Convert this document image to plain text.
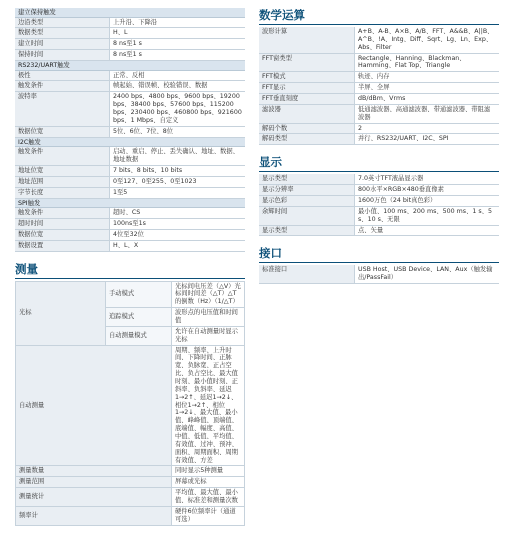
建立保持触发
边沿类型	上升沿、下降沿
数据类型	H、L
建立时间	8 ns至1 s
保持时间	8 ns至1 s
RS232/UART触发
极性	正常、反相
触发条件	帧起始、错误帧、校验错误、数据
波特率	2400 bps、4800 bps、9600 bps、19200 bps、38400 bps、57600 bps、115200 bps、230400 bps、460800 bps、921600 bps、1 Mbps、自定义
数据位宽	5位、6位、7位、8位
I2C触发
触发条件	启动、重启、停止、丢失确认、地址、数据、地址数据
地址位宽	7 bits、8 bits、10 bits
地址范围	0至127、0至255、0至1023
字节长度	1至5
SPI触发
触发条件	超时、CS
超时时间	100ns至1s
数据位宽	4位至32位
数据设置	H、L、X
测量
光标	手动模式	光标间电压差（△V）光标间时间差（△T）△T的倒数（Hz）（1/△T）
	追踪模式	波形点的电压值和时间值
	自动测量模式	允许在自动测量时显示光标
自动测量		周期、频率、上升时间、下降时间、正脉宽、负脉宽、正占空比、负占空比、最大值时刻、最小值时刻、正斜率、负斜率、延迟1→2↑、延迟1→2↓、相位1→2↑、相位1→2↓、最大值、最小值、峰峰值、顶端值、底端值、幅度、高值、中值、低值、平均值、有效值、过冲、预冲、面积、周期面积、周期有效值、方差
测量数量		同时显示5种测量
测量范围		屏幕或光标
测量统计		平均值、最大值、最小值、标准差和测量次数
频率计		硬件6位频率计（通道可选）
数学运算
波形计算	A+B、A-B、A×B、A/B、FFT、A&&B、A||B、A^B、!A、Intg、Diff、Sqrt、Lg、Ln、Exp、Abs、Filter
FFT窗类型	Rectangle、Hanning、Blackman、Hamming、Flat Top、Triangle
FFT模式	轨迹、内存
FFT显示	半屏、全屏
FFT垂直刻度	dB/dBm、Vrms
滤波器	低通滤波器、高通滤波器、带通滤波器、带阻滤波器
解码个数	2
解码类型	并行、RS232/UART、I2C、SPI
显示
显示类型	7.0英寸TFT液晶显示器
显示分辨率	800水平×RGB×480垂直像素
显示色彩	1600万色（24 bit真色彩）
余辉时间	最小值、100 ms、200 ms、500 ms、1 s、5 s、10 s、无限
显示类型	点、矢量
接口
标准接口	USB Host、USB Device、LAN、Aux（触发输出/PassFail）
